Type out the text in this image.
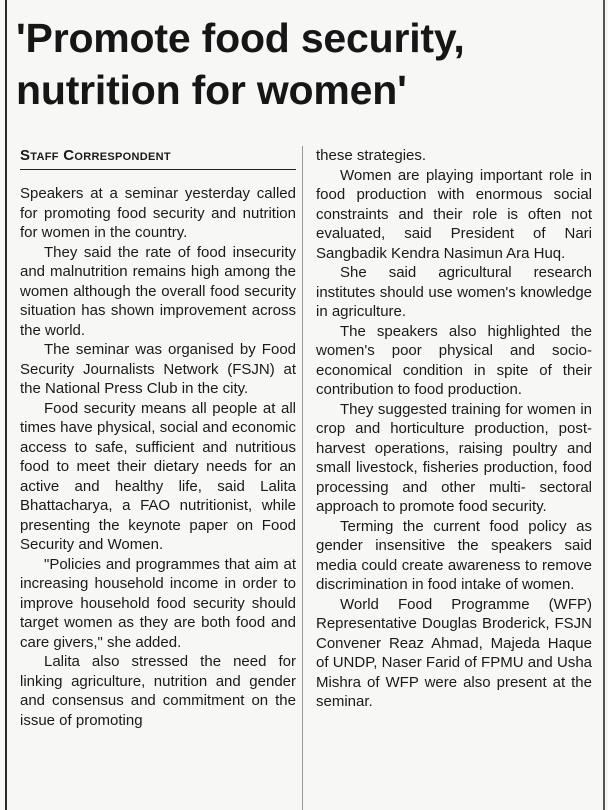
'Promote food security, nutrition for women'
Staff Correspondent

Speakers at a seminar yesterday called for promoting food security and nutrition for women in the country.

They said the rate of food insecurity and malnutrition remains high among the women although the overall food security situation has shown improvement across the world.

The seminar was organised by Food Security Journalists Network (FSJN) at the National Press Club in the city.

Food security means all people at all times have physical, social and economic access to safe, sufficient and nutritious food to meet their dietary needs for an active and healthy life, said Lalita Bhattacharya, a FAO nutritionist, while presenting the keynote paper on Food Security and Women.

"Policies and programmes that aim at increasing household income in order to improve household food security should target women as they are both food and care givers," she added.

Lalita also stressed the need for linking agriculture, nutrition and gender and consensus and commitment on the issue of promoting

these strategies.

Women are playing important role in food production with enormous social constraints and their role is often not evaluated, said President of Nari Sangbadik Kendra Nasimun Ara Huq.

She said agricultural research institutes should use women's knowledge in agriculture.

The speakers also highlighted the women's poor physical and socio-economical condition in spite of their contribution to food production.

They suggested training for women in crop and horticulture production, post-harvest operations, raising poultry and small livestock, fisheries production, food processing and other multi- sectoral approach to promote food security.

Terming the current food policy as gender insensitive the speakers said media could create awareness to remove discrimination in food intake of women.

World Food Programme (WFP) Representative Douglas Broderick, FSJN Convener Reaz Ahmad, Majeda Haque of UNDP, Naser Farid of FPMU and Usha Mishra of WFP were also present at the seminar.
